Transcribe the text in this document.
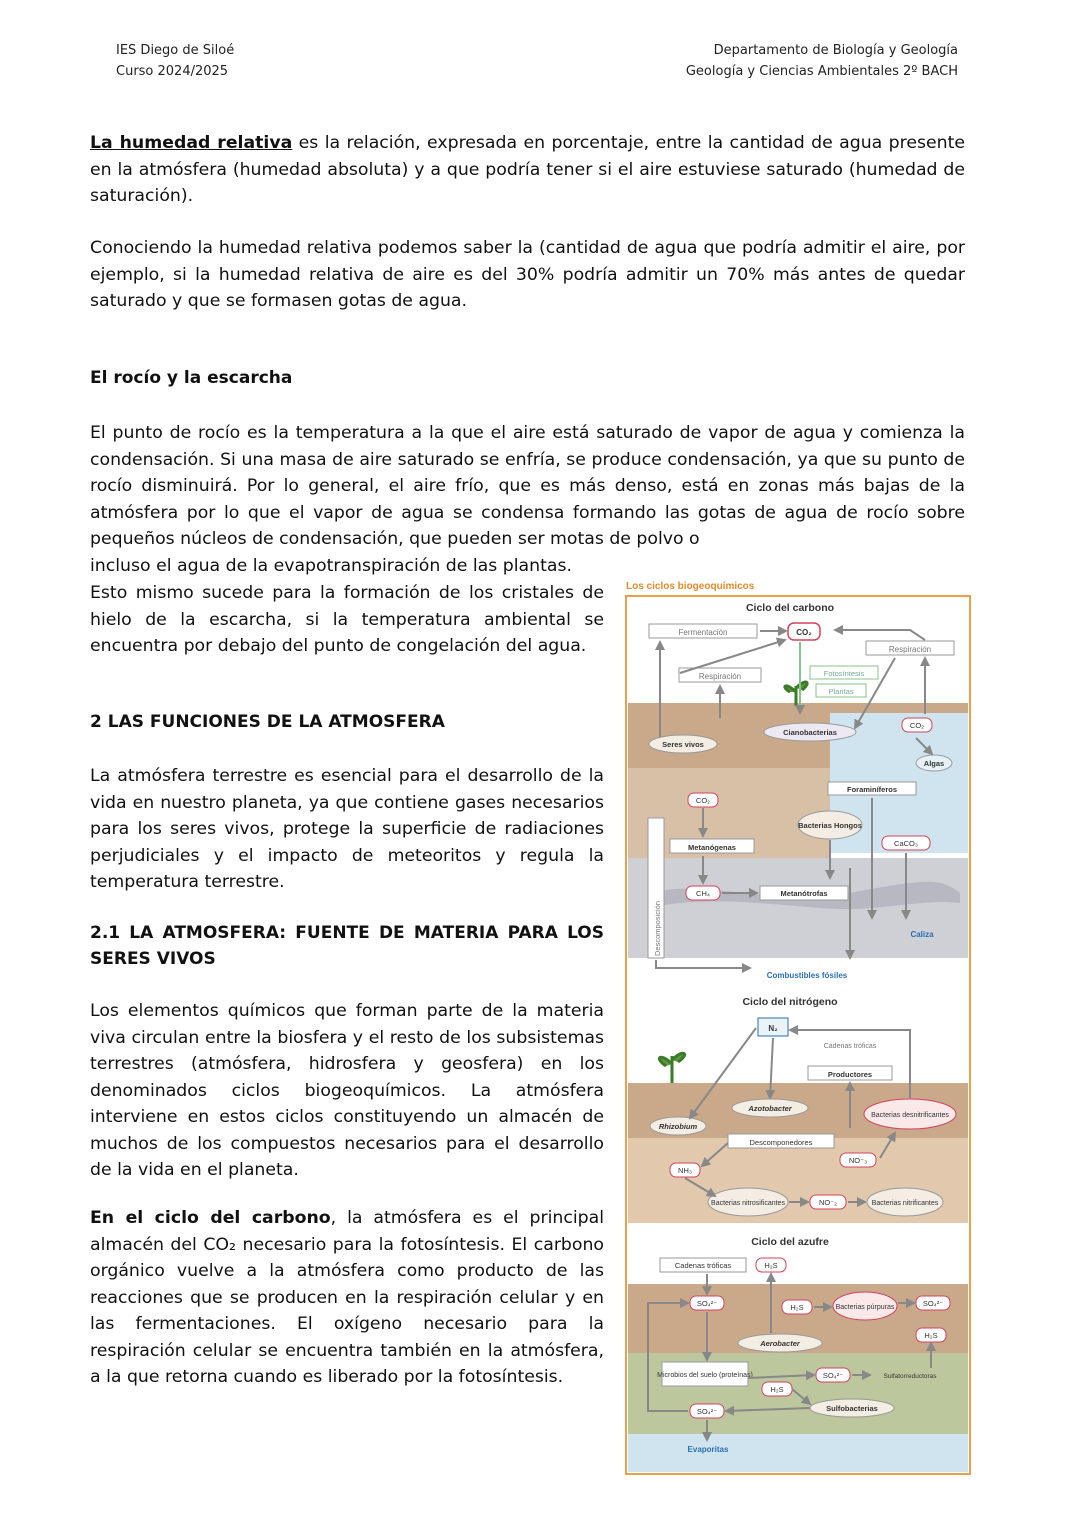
IES Diego de Siloé
Curso 2024/2025
Departamento de Biología y Geología
Geología y Ciencias Ambientales 2º BACH

La humedad relativa es la relación, expresada en porcentaje, entre la cantidad de agua presente en la atmósfera (humedad absoluta) y a que podría tener si el aire estuviese saturado (humedad de saturación).

Conociendo la humedad relativa podemos saber la (cantidad de agua que podría admitir el aire, por ejemplo, si la humedad relativa de aire es del 30% podría admitir un 70% más antes de quedar saturado y que se formasen gotas de agua.

El rocío y la escarcha

El punto de rocío es la temperatura a la que el aire está saturado de vapor de agua y comienza la condensación. Si una masa de aire saturado se enfría, se produce condensación, ya que su punto de rocío disminuirá. Por lo general, el aire frío, que es más denso, está en zonas más bajas de la atmósfera por lo que el vapor de agua se condensa formando las gotas de agua de rocío sobre pequeños núcleos de condensación, que pueden ser motas de polvo o

incluso el agua de la evapotranspiración de las plantas.

Esto mismo sucede para la formación de los cristales de hielo de la escarcha, si la temperatura ambiental se encuentra por debajo del punto de congelación del agua.

2 LAS FUNCIONES DE LA ATMOSFERA

La atmósfera terrestre es esencial para el desarrollo de la vida en nuestro planeta, ya que contiene gases necesarios para los seres vivos, protege la superficie de radiaciones perjudiciales y el impacto de meteoritos y regula la temperatura terrestre.

2.1 LA ATMOSFERA: FUENTE DE MATERIA PARA LOS SERES VIVOS

Los elementos químicos que forman parte de la materia viva circulan entre la biosfera y el resto de los subsistemas terrestres (atmósfera, hidrosfera y geosfera) en los denominados ciclos biogeoquímicos. La atmósfera interviene en estos ciclos constituyendo un almacén de muchos de los compuestos necesarios para el desarrollo de la vida en el planeta.

En el ciclo del carbono, la atmósfera es el principal almacén del CO₂ necesario para la fotosíntesis. El carbono orgánico vuelve a la atmósfera como producto de las reacciones que se producen en la respiración celular y en las fermentaciones. El oxígeno necesario para la respiración celular se encuentra también en la atmósfera, a la que retorna cuando es liberado por la fotosíntesis.

Los ciclos biogeoquímicos
Ciclo del carbono
Fermentación	CO₂
Respiración
Respiración	Fotosíntesis
Plantas
Seres vivos
Cianobacterias
CO₂
Algas
Foraminíferos
CO₂
Bacterias Hongos
CaCO₃
Metanógenas
CH₄	Metanótrofas
Descomposición	Caliza
Combustibles fósiles
Ciclo del nitrógeno
N₂
Cadenas tróficas
Productores
Azotobacter
Rhizobium
Bacterias desnitrificantes
Descomponedores
NH₃
NO⁻₃
Bacterias nitrosificantes	NO⁻₂	Bacterias nitrificantes
Ciclo del azufre
Cadenas tróficas	H₂S
SO₄²⁻	H₂S	Bacterias púrpuras	SO₄²⁻
H₂S
Aerobacter
Microbios del suelo (proteínas)	SO₄²⁻	Sulfatorreductoras
H₂S
SO₄²⁻	Sulfobacterias
Evaporitas
